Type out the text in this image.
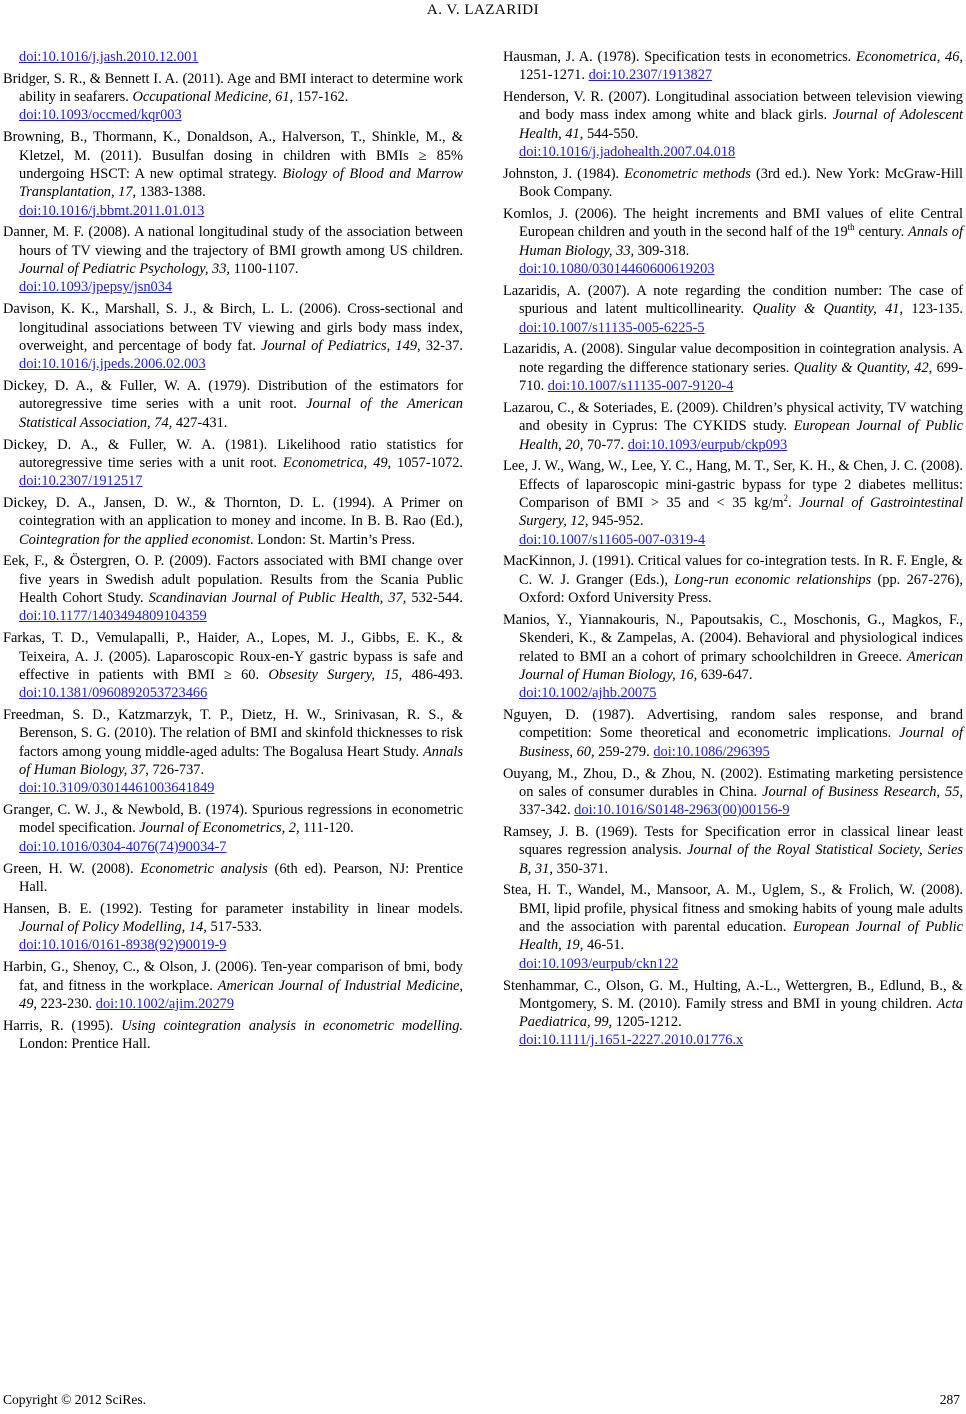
A. V. LAZARIDI
doi:10.1016/j.jash.2010.12.001

Bridger, S. R., & Bennett I. A. (2011). Age and BMI interact to determine work ability in seafarers. Occupational Medicine, 61, 157-162.
doi:10.1093/occmed/kqr003

Browning, B., Thormann, K., Donaldson, A., Halverson, T., Shinkle, M., & Kletzel, M. (2011). Busulfan dosing in children with BMIs ≥ 85% undergoing HSCT: A new optimal strategy. Biology of Blood and Marrow Transplantation, 17, 1383-1388.
doi:10.1016/j.bbmt.2011.01.013

Danner, M. F. (2008). A national longitudinal study of the association between hours of TV viewing and the trajectory of BMI growth among US children. Journal of Pediatric Psychology, 33, 1100-1107.
doi:10.1093/jpepsy/jsn034

Davison, K. K., Marshall, S. J., & Birch, L. L. (2006). Cross-sectional and longitudinal associations between TV viewing and girls body mass index, overweight, and percentage of body fat. Journal of Pediatrics, 149, 32-37. doi:10.1016/j.jpeds.2006.02.003

Dickey, D. A., & Fuller, W. A. (1979). Distribution of the estimators for autoregressive time series with a unit root. Journal of the American Statistical Association, 74, 427-431.

Dickey, D. A., & Fuller, W. A. (1981). Likelihood ratio statistics for autoregressive time series with a unit root. Econometrica, 49, 1057-1072. doi:10.2307/1912517

Dickey, D. A., Jansen, D. W., & Thornton, D. L. (1994). A Primer on cointegration with an application to money and income. In B. B. Rao (Ed.), Cointegration for the applied economist. London: St. Martin’s Press.

Eek, F., & Östergren, O. P. (2009). Factors associated with BMI change over five years in Swedish adult population. Results from the Scania Public Health Cohort Study. Scandinavian Journal of Public Health, 37, 532-544. doi:10.1177/1403494809104359

Farkas, T. D., Vemulapalli, P., Haider, A., Lopes, M. J., Gibbs, E. K., & Teixeira, A. J. (2005). Laparoscopic Roux-en-Y gastric bypass is safe and effective in patients with BMI ≥ 60. Obsesity Surgery, 15, 486-493. doi:10.1381/0960892053723466

Freedman, S. D., Katzmarzyk, T. P., Dietz, H. W., Srinivasan, R. S., & Berenson, S. G. (2010). The relation of BMI and skinfold thicknesses to risk factors among young middle-aged adults: The Bogalusa Heart Study. Annals of Human Biology, 37, 726-737.
doi:10.3109/03014461003641849

Granger, C. W. J., & Newbold, B. (1974). Spurious regressions in econometric model specification. Journal of Econometrics, 2, 111-120.
doi:10.1016/0304-4076(74)90034-7

Green, H. W. (2008). Econometric analysis (6th ed). Pearson, NJ: Prentice Hall.

Hansen, B. E. (1992). Testing for parameter instability in linear models. Journal of Policy Modelling, 14, 517-533.
doi:10.1016/0161-8938(92)90019-9

Harbin, G., Shenoy, C., & Olson, J. (2006). Ten-year comparison of bmi, body fat, and fitness in the workplace. American Journal of Industrial Medicine, 49, 223-230. doi:10.1002/ajim.20279

Harris, R. (1995). Using cointegration analysis in econometric modelling. London: Prentice Hall.

Hausman, J. A. (1978). Specification tests in econometrics. Econometrica, 46, 1251-1271. doi:10.2307/1913827

Henderson, V. R. (2007). Longitudinal association between television viewing and body mass index among white and black girls. Journal of Adolescent Health, 41, 544-550.
doi:10.1016/j.jadohealth.2007.04.018

Johnston, J. (1984). Econometric methods (3rd ed.). New York: McGraw-Hill Book Company.

Komlos, J. (2006). The height increments and BMI values of elite Central European children and youth in the second half of the 19th century. Annals of Human Biology, 33, 309-318.
doi:10.1080/03014460600619203

Lazaridis, A. (2007). A note regarding the condition number: The case of spurious and latent multicollinearity. Quality & Quantity, 41, 123-135. doi:10.1007/s11135-005-6225-5

Lazaridis, A. (2008). Singular value decomposition in cointegration analysis. A note regarding the difference stationary series. Quality & Quantity, 42, 699-710. doi:10.1007/s11135-007-9120-4

Lazarou, C., & Soteriades, E. (2009). Children’s physical activity, TV watching and obesity in Cyprus: The CYKIDS study. European Journal of Public Health, 20, 70-77. doi:10.1093/eurpub/ckp093

Lee, J. W., Wang, W., Lee, Y. C., Hang, M. T., Ser, K. H., & Chen, J. C. (2008). Effects of laparoscopic mini-gastric bypass for type 2 diabetes mellitus: Comparison of BMI > 35 and < 35 $kg/m^2$. Journal of Gastrointestinal Surgery, 12, 945-952.
doi:10.1007/s11605-007-0319-4

MacKinnon, J. (1991). Critical values for co-integration tests. In R. F. Engle, & C. W. J. Granger (Eds.), Long-run economic relationships (pp. 267-276), Oxford: Oxford University Press.

Manios, Y., Yiannakouris, N., Papoutsakis, C., Moschonis, G., Magkos, F., Skenderi, K., & Zampelas, A. (2004). Behavioral and physiological indices related to BMI an a cohort of primary schoolchildren in Greece. American Journal of Human Biology, 16, 639-647.
doi:10.1002/ajhb.20075

Nguyen, D. (1987). Advertising, random sales response, and brand competition: Some theoretical and econometric implications. Journal of Business, 60, 259-279. doi:10.1086/296395

Ouyang, M., Zhou, D., & Zhou, N. (2002). Estimating marketing persistence on sales of consumer durables in China. Journal of Business Research, 55, 337-342. doi:10.1016/S0148-2963(00)00156-9

Ramsey, J. B. (1969). Tests for Specification error in classical linear least squares regression analysis. Journal of the Royal Statistical Society, Series B, 31, 350-371.

Stea, H. T., Wandel, M., Mansoor, A. M., Uglem, S., & Frolich, W. (2008). BMI, lipid profile, physical fitness and smoking habits of young male adults and the association with parental education. European Journal of Public Health, 19, 46-51.
doi:10.1093/eurpub/ckn122

Stenhammar, C., Olson, G. M., Hulting, A.-L., Wettergren, B., Edlund, B., & Montgomery, S. M. (2010). Family stress and BMI in young children. Acta Paediatrica, 99, 1205-1212.
doi:10.1111/j.1651-2227.2010.01776.x

Copyright © 2012 SciRes.	287
